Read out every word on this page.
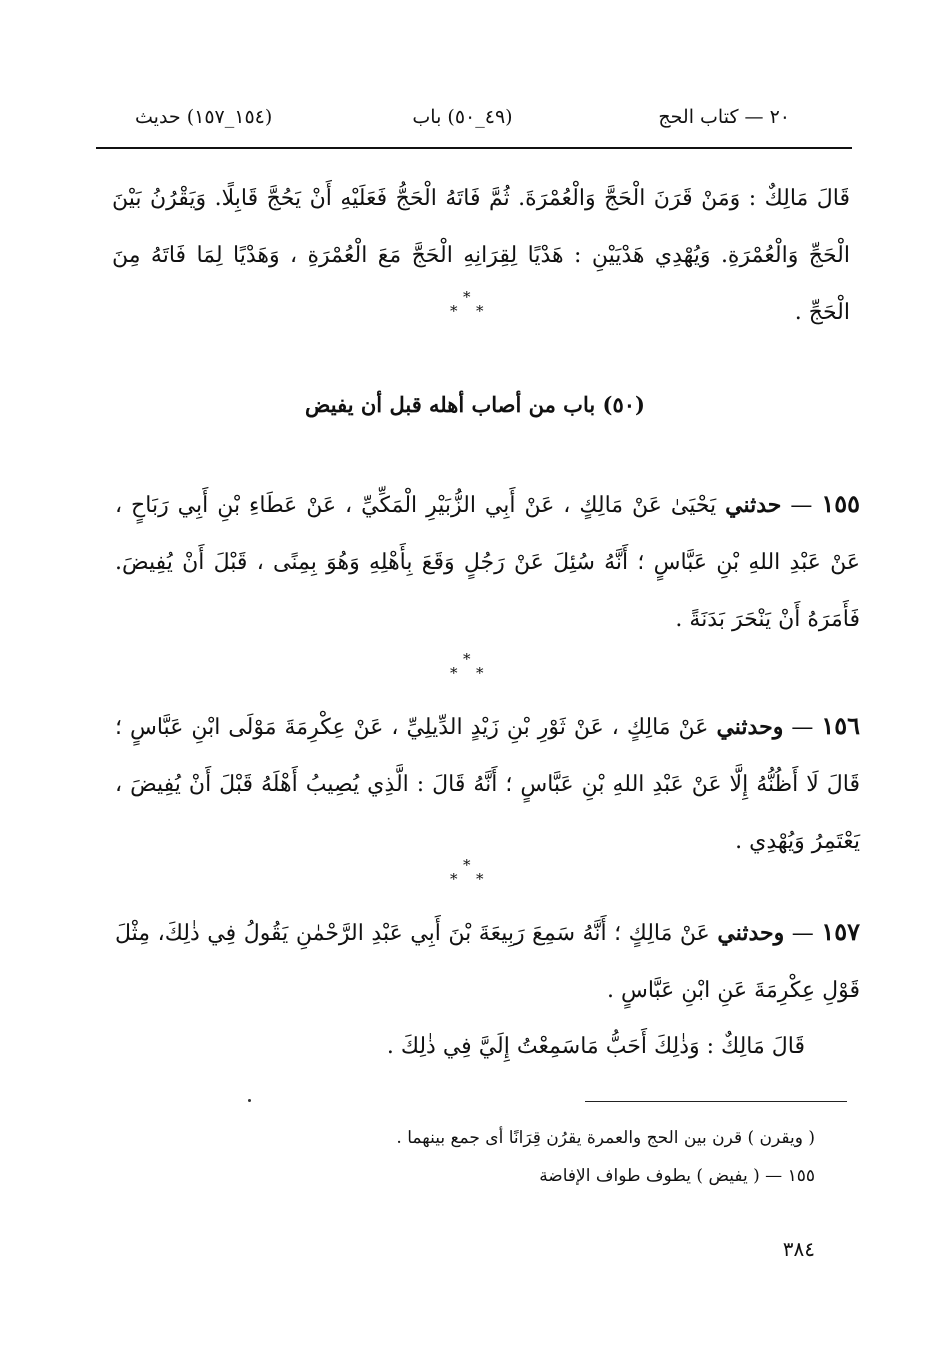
٢٠ — كتاب الحج
(٤٩_٥٠) باب
(١٥٤_١٥٧) حديث
قَالَ مَالِكٌ : وَمَنْ قَرَنَ الْحَجَّ وَالْعُمْرَةَ. ثُمَّ فَاتَهُ الْحَجُّ فَعَلَيْهِ أَنْ يَحُجَّ قَابِلًا. وَيَقْرُنُ بَيْنَ الْحَجِّ وَالْعُمْرَةِ. وَيُهْدِي هَدْيَيْنِ : هَدْيًا لِقِرَانِهِ الْحَجَّ مَعَ الْعُمْرَةِ ، وَهَدْيًا لِمَا فَاتَهُ مِنَ الْحَجِّ .
*
* *
(٥٠) باب من أصاب أهله قبل أن يفيض
١٥٥ — حدثني يَحْيَىٰ عَنْ مَالِكٍ ، عَنْ أَبِي الزُّبَيْرِ الْمَكِّيِّ ، عَنْ عَطَاءِ بْنِ أَبِي رَبَاحٍ ، عَنْ عَبْدِ اللهِ بْنِ عَبَّاسٍ ؛ أَنَّهُ سُئِلَ عَنْ رَجُلٍ وَقَعَ بِأَهْلِهِ وَهُوَ بِمِنًى ، قَبْلَ أَنْ يُفِيضَ. فَأَمَرَهُ أَنْ يَنْحَرَ بَدَنَةً .
*
* *
١٥٦ — وحدثني عَنْ مَالِكٍ ، عَنْ ثَوْرِ بْنِ زَيْدٍ الدِّيلِيِّ ، عَنْ عِكْرِمَةَ مَوْلَى ابْنِ عَبَّاسٍ ؛ قَالَ لَا أَظُنُّهُ إِلَّا عَنْ عَبْدِ اللهِ بْنِ عَبَّاسٍ ؛ أَنَّهُ قَالَ : الَّذِي يُصِيبُ أَهْلَهُ قَبْلَ أَنْ يُفِيضَ ، يَعْتَمِرُ وَيُهْدِي .
*
* *
١٥٧ — وحدثني عَنْ مَالِكٍ ؛ أَنَّهُ سَمِعَ رَبِيعَةَ بْنَ أَبِي عَبْدِ الرَّحْمٰنِ يَقُولُ فِي ذٰلِكَ، مِثْلَ قَوْلِ عِكْرِمَةَ عَنِ ابْنِ عَبَّاسٍ .
قَالَ مَالِكٌ : وَذٰلِكَ أَحَبُّ مَاسَمِعْتُ إِلَيَّ فِي ذٰلِكَ .
( ويقرن ) قرن بين الحج والعمرة يقرُن قِرَانًا أى جمع بينهما .
١٥٥ — ( يفيض ) يطوف طواف الإفاضة
٣٨٤
